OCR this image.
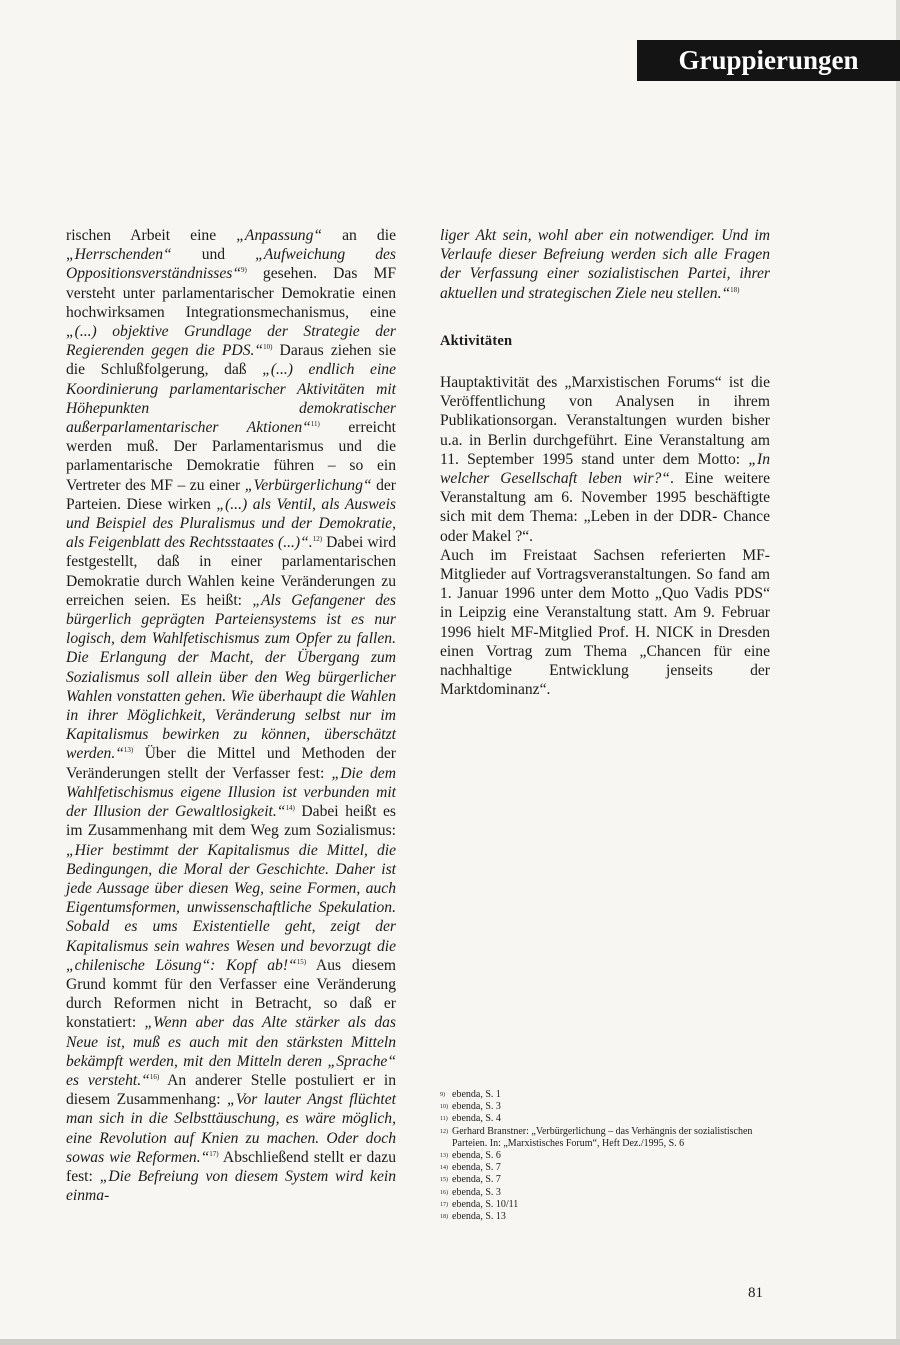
Gruppierungen

rischen Arbeit eine „Anpassung“ an die „Herrschenden“ und „Aufweichung des Oppositionsverständnisses“$^{9)}$ gesehen. Das MF versteht unter parlamentarischer Demokratie einen hochwirksamen Integrationsmechanismus, eine „(...) objektive Grundlage der Strategie der Regierenden gegen die PDS.“$^{10)}$ Daraus ziehen sie die Schlußfolgerung, daß „(...) endlich eine Koordinierung parlamentarischer Aktivitäten mit Höhepunkten demokratischer außerparlamentarischer Aktionen“$^{11)}$ erreicht werden muß. Der Parlamentarismus und die parlamentarische Demokratie führen – so ein Vertreter des MF – zu einer „Verbürgerlichung“ der Parteien. Diese wirken „(...) als Ventil, als Ausweis und Beispiel des Pluralismus und der Demokratie, als Feigenblatt des Rechtsstaates (...)“.$^{12)}$ Dabei wird festgestellt, daß in einer parlamentarischen Demokratie durch Wahlen keine Veränderungen zu erreichen seien. Es heißt: „Als Gefangener des bürgerlich geprägten Parteiensystems ist es nur logisch, dem Wahlfetischismus zum Opfer zu fallen. Die Erlangung der Macht, der Übergang zum Sozialismus soll allein über den Weg bürgerlicher Wahlen vonstatten gehen. Wie überhaupt die Wahlen in ihrer Möglichkeit, Veränderung selbst nur im Kapitalismus bewirken zu können, überschätzt werden.“$^{13)}$ Über die Mittel und Methoden der Veränderungen stellt der Verfasser fest: „Die dem Wahlfetischismus eigene Illusion ist verbunden mit der Illusion der Gewaltlosigkeit.“$^{14)}$ Dabei heißt es im Zusammenhang mit dem Weg zum Sozialismus: „Hier bestimmt der Kapitalismus die Mittel, die Bedingungen, die Moral der Geschichte. Daher ist jede Aussage über diesen Weg, seine Formen, auch Eigentumsformen, unwissenschaftliche Spekulation. Sobald es ums Existentielle geht, zeigt der Kapitalismus sein wahres Wesen und bevorzugt die „chilenische Lösung“: Kopf ab!“$^{15)}$ Aus diesem Grund kommt für den Verfasser eine Veränderung durch Reformen nicht in Betracht, so daß er konstatiert: „Wenn aber das Alte stärker als das Neue ist, muß es auch mit den stärksten Mitteln bekämpft werden, mit den Mitteln deren „Sprache“ es versteht.“$^{16)}$ An anderer Stelle postuliert er in diesem Zusammenhang: „Vor lauter Angst flüchtet man sich in die Selbsttäuschung, es wäre möglich, eine Revolution auf Knien zu machen. Oder doch sowas wie Reformen.“$^{17)}$ Abschließend stellt er dazu fest: „Die Befreiung von diesem System wird kein einma-

liger Akt sein, wohl aber ein notwendiger. Und im Verlaufe dieser Befreiung werden sich alle Fragen der Verfassung einer sozialistischen Partei, ihrer aktuellen und strategischen Ziele neu stellen.“$^{18)}$

Aktivitäten

Hauptaktivität des „Marxistischen Forums“ ist die Veröffentlichung von Analysen in ihrem Publikationsorgan. Veranstaltungen wurden bisher u.a. in Berlin durchgeführt. Eine Veranstaltung am 11. September 1995 stand unter dem Motto: „In welcher Gesellschaft leben wir?“. Eine weitere Veranstaltung am 6. November 1995 beschäftigte sich mit dem Thema: „Leben in der DDR- Chance oder Makel ?“.

Auch im Freistaat Sachsen referierten MF-Mitglieder auf Vortragsveranstaltungen. So fand am 1. Januar 1996 unter dem Motto „Quo Vadis PDS“ in Leipzig eine Veranstaltung statt. Am 9. Februar 1996 hielt MF-Mitglied Prof. H. NICK in Dresden einen Vortrag zum Thema „Chancen für eine nachhaltige Entwicklung jenseits der Marktdominanz“.

9) ebenda, S. 1
10) ebenda, S. 3
11) ebenda, S. 4
12) Gerhard Branstner: „Verbürgerlichung – das Verhängnis der sozialistischen Parteien. In: „Marxistisches Forum“, Heft Dez./1995, S. 6
13) ebenda, S. 6
14) ebenda, S. 7
15) ebenda, S. 7
16) ebenda, S. 3
17) ebenda, S. 10/11
18) ebenda, S. 13
81
